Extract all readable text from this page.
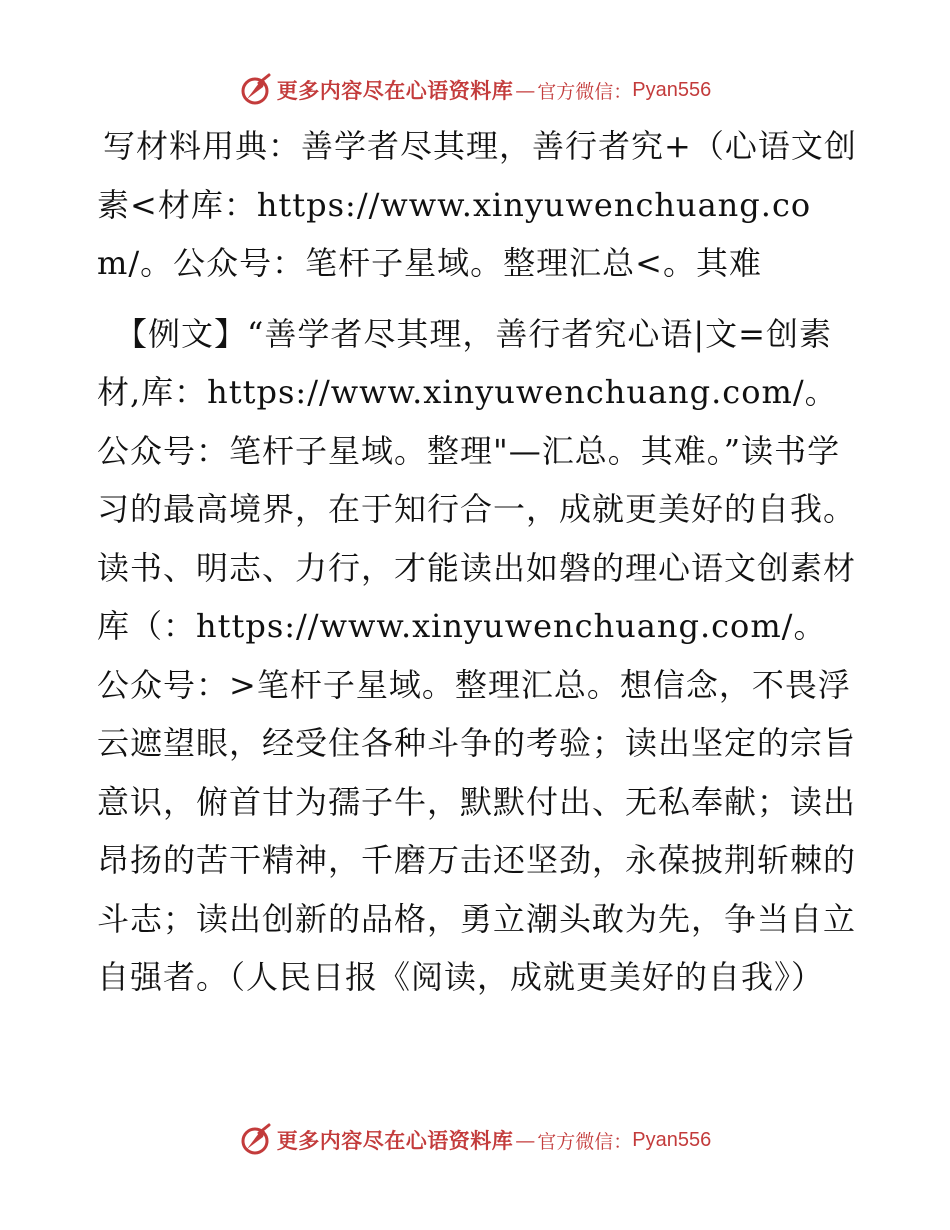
更多内容尽在心语资料库 — 官方微信： Pyan556

写材料用典：善学者尽其理，善行者究+（心语文创素<材库：https://www.xinyuwenchuang.com/。公众号：笔杆子星域。整理汇总<。其难

【例文】“善学者尽其理，善行者究心语|文=创素材,库：https://www.xinyuwenchuang.com/。公众号：笔杆子星域。整理"—汇总。其难。”读书学习的最高境界，在于知行合一，成就更美好的自我。读书、明志、力行，才能读出如磐的理心语文创素材库（：https://www.xinyuwenchuang.com/。公众号：>笔杆子星域。整理汇总。想信念，不畏浮云遮望眼，经受住各种斗争的考验；读出坚定的宗旨意识，俯首甘为孺子牛，默默付出、无私奉献；读出昂扬的苦干精神，千磨万击还坚劲，永葆披荆斩棘的斗志；读出创新的品格，勇立潮头敢为先，争当自立自强者。（人民日报《阅读，成就更美好的自我》）

更多内容尽在心语资料库 — 官方微信： Pyan556
